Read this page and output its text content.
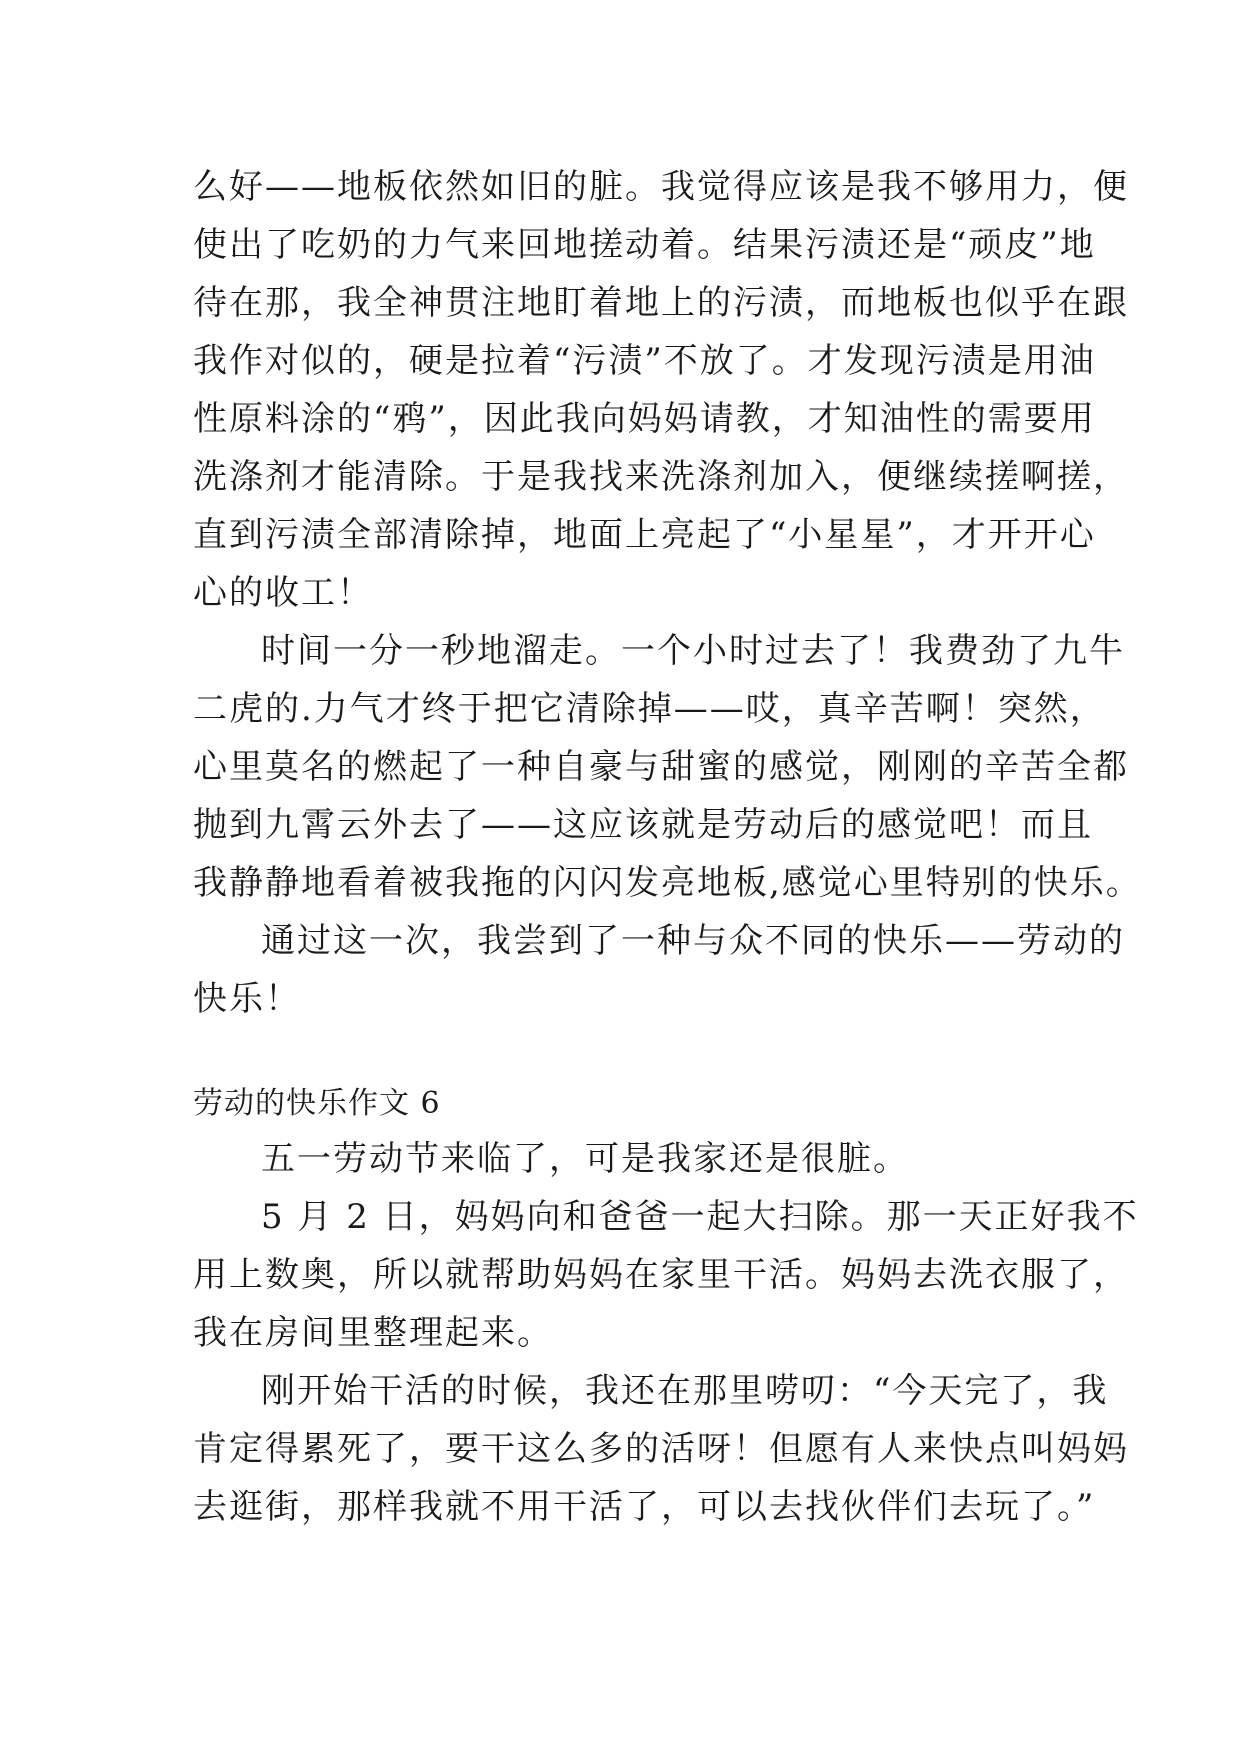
么好——地板依然如旧的脏。我觉得应该是我不够用力，便
使出了吃奶的力气来回地搓动着。结果污渍还是“顽皮”地
待在那，我全神贯注地盯着地上的污渍，而地板也似乎在跟
我作对似的，硬是拉着“污渍”不放了。才发现污渍是用油
性原料涂的“鸦”，因此我向妈妈请教，才知油性的需要用
洗涤剂才能清除。于是我找来洗涤剂加入，便继续搓啊搓，
直到污渍全部清除掉，地面上亮起了“小星星”，才开开心
心的收工！
时间一分一秒地溜走。一个小时过去了！我费劲了九牛
二虎的.力气才终于把它清除掉——哎，真辛苦啊！突然，
心里莫名的燃起了一种自豪与甜蜜的感觉，刚刚的辛苦全都
抛到九霄云外去了——这应该就是劳动后的感觉吧！而且
我静静地看着被我拖的闪闪发亮地板,感觉心里特别的快乐。
通过这一次，我尝到了一种与众不同的快乐——劳动的
快乐！
劳动的快乐作文 6
五一劳动节来临了，可是我家还是很脏。
5 月 2 日，妈妈向和爸爸一起大扫除。那一天正好我不
用上数奥，所以就帮助妈妈在家里干活。妈妈去洗衣服了，
我在房间里整理起来。
刚开始干活的时候，我还在那里唠叨：“今天完了，我
肯定得累死了，要干这么多的活呀！但愿有人来快点叫妈妈
去逛街，那样我就不用干活了，可以去找伙伴们去玩了。”
